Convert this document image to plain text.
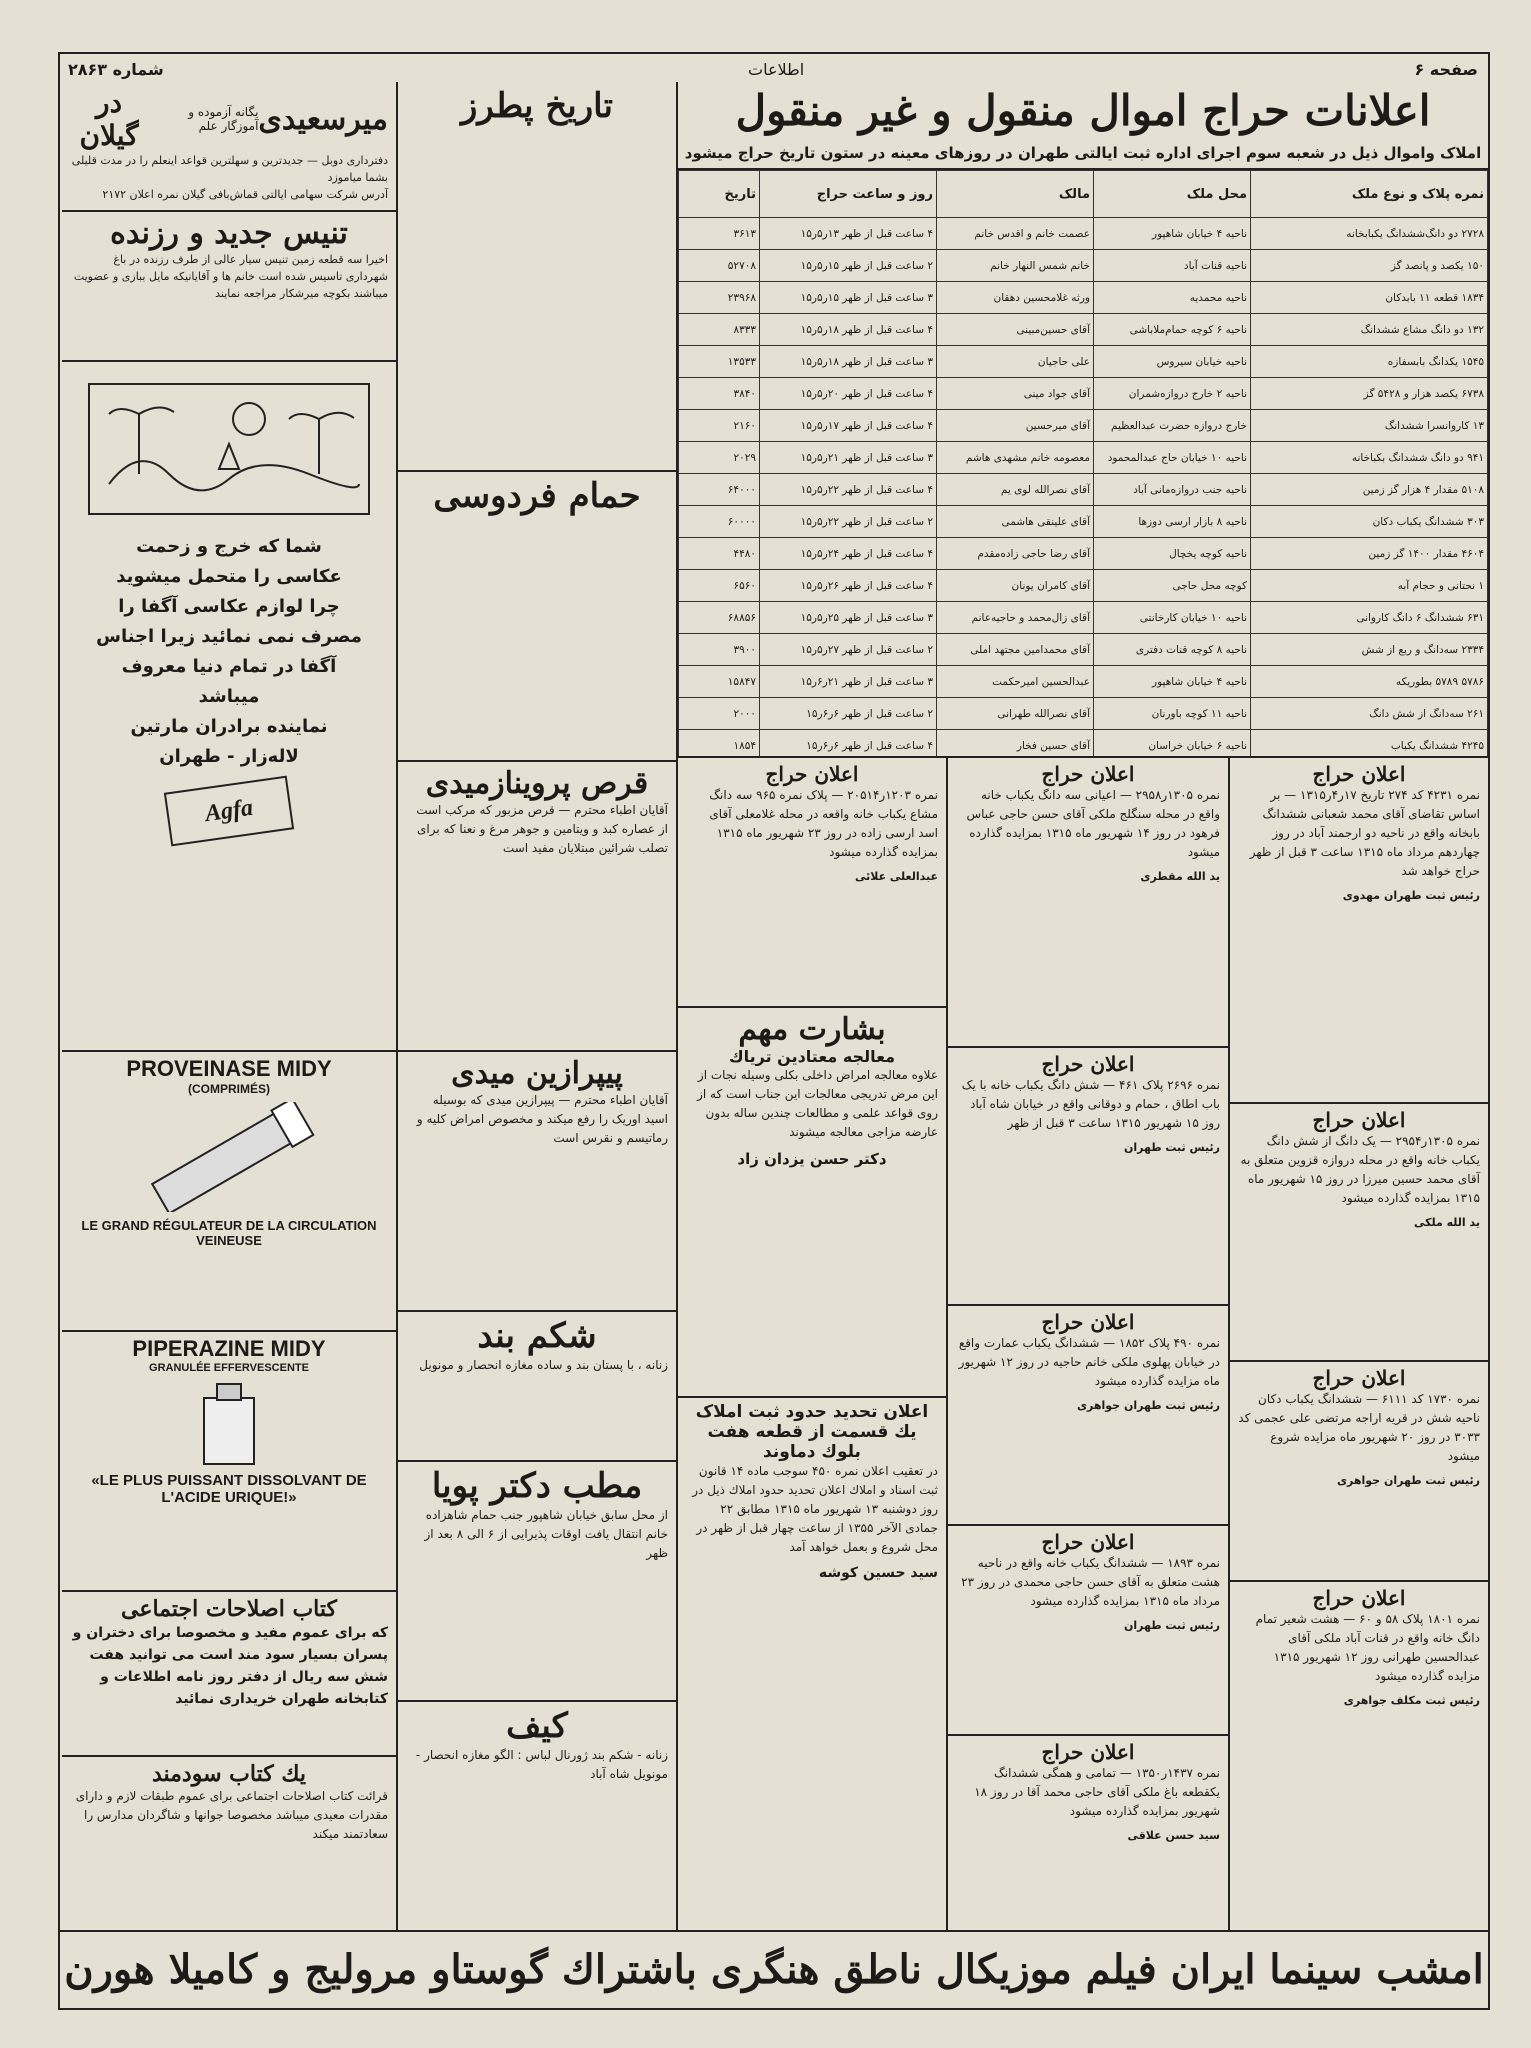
صفحه ۶
اطلاعات
شماره ۲۸۶۳
اعلانات حراج اموال منقول و غیر منقول
املاک واموال ذیل در شعبه سوم اجرای اداره ثبت ایالتی طهران در روزهای معینه در ستون تاریخ حراج میشود
نمره پلاک و نوع ملک	محل ملک	مالک	روز و ساعت حراج	تاریخ
۲۷۲۸ دو دانگ‌ششدانگ یکبابخانه	ناحیه ۴ خیابان شاهپور	عصمت خانم و اقدس خانم	۴ ساعت قبل از ظهر ۱۳ر۵ر۱۵	۳۶۱۳
۱۵۰ یکصد و پانصد گز	ناحیه قنات آباد	خانم شمس النهار خانم	۲ ساعت قبل از ظهر ۱۵ر۵ر۱۵	۵۲۷۰۸
۱۸۳۴ قطعه ۱۱ بابدکان	ناحیه محمدیه	ورثه غلامحسین دهقان	۳ ساعت قبل از ظهر ۱۵ر۵ر۱۵	۲۳۹۶۸
۱۳۲ دو دانگ مشاع ششدانگ	ناحیه ۶ کوچه حمام‌ملاباشی	آقای حسین‌مبینی	۴ ساعت قبل از ظهر ۱۸ر۵ر۱۵	۸۳۳۳
۱۵۴۵ یکدانگ بابسفازه	ناحیه خیابان سیروس	علی حاجیان	۳ ساعت قبل از ظهر ۱۸ر۵ر۱۵	۱۳۵۳۳
۶۷۳۸ یکصد هزار و ۵۴۲۸ گز	ناحیه ۲ خارج دروازه‌شمران	آقای جواد مینی	۴ ساعت قبل از ظهر ۲۰ر۵ر۱۵	۳۸۴۰
۱۳ کاروانسرا ششدانگ	خارج دروازه حضرت عبدالعظیم	آقای میرحسین	۴ ساعت قبل از ظهر ۱۷ر۵ر۱۵	۲۱۶۰
۹۴۱ دو دانگ ششدانگ بکباخانه	ناحیه ۱۰ خیابان حاج عبدالمحمود	معصومه خانم مشهدی هاشم	۳ ساعت قبل از ظهر ۲۱ر۵ر۱۵	۲۰۲۹
۵۱۰۸ مقدار ۴ هزار گز زمین	ناحیه جنب دروازه‌مانی آباد	آقای نصرالله لوی یم	۴ ساعت قبل از ظهر ۲۲ر۵ر۱۵	۶۴۰۰۰
۳۰۳ ششدانگ یکباب دکان	ناحیه ۸ بازار ارسی دوزها	آقای علینقی هاشمی	۲ ساعت قبل از ظهر ۲۲ر۵ر۱۵	۶۰۰۰۰
۴۶۰۴ مقدار ۱۴۰۰ گز زمین	ناحیه کوچه یخچال	آقای رضا حاجی زاده‌مقدم	۴ ساعت قبل از ظهر ۲۴ر۵ر۱۵	۴۴۸۰
۱ نحتانی و حجام آبه	کوچه محل حاجی	آقای کامران یونان	۴ ساعت قبل از ظهر ۲۶ر۵ر۱۵	۶۵۶۰
۶۳۱ ششدانگ ۶ دانگ کاروانی	ناحیه ۱۰ خیابان کارخانتی	آقای زال‌محمد و حاجیه‌عانم	۳ ساعت قبل از ظهر ۲۵ر۵ر۱۵	۶۸۸۵۶
۲۳۳۴ سه‌دانگ و ربع از شش	ناحیه ۸ کوچه قنات دفتری	آقای محمدامین مجتهد املی	۲ ساعت قبل از ظهر ۲۷ر۵ر۱۵	۳۹۰۰
۵۷۸۶ ۵۷۸۹ بطوریکه	ناحیه ۴ خیابان شاهپور	عبدالحسین امیرحکمت	۳ ساعت قبل از ظهر ۲۱ر۶ر۱۵	۱۵۸۴۷
۲۶۱ سه‌دانگ از شش دانگ	ناحیه ۱۱ کوچه باورنان	آقای نصرالله طهرانی	۲ ساعت قبل از ظهر ۶ر۶ر۱۵	۲۰۰۰
۴۲۴۵ ششدانگ یکباب	ناحیه ۶ خیابان خراسان	آقای حسین فخار	۴ ساعت قبل از ظهر ۶ر۶ر۱۵	۱۸۵۴
اعلان حراج
نمره ۴۲۳۱ کد ۲۷۴ تاریخ ۱۷ر۴ر۱۳۱۵ — بر اساس تقاضای آقای محمد شعبانی ششدانگ بابخانه واقع در ناحیه دو ارجمند آباد در روز چهاردهم مرداد ماه ۱۳۱۵ ساعت ۳ قبل از ظهر حراج خواهد شد
رئیس ثبت طهران مهدوی
اعلان حراج
نمره ۱۳۰۵ر۲۹۵۴ — یک دانگ از شش دانگ یکباب خانه واقع در محله دروازه قزوین متعلق به آقای محمد حسین میرزا در روز ۱۵ شهریور ماه ۱۳۱۵ بمزایده گذارده میشود
ید الله ملکی
اعلان حراج
نمره ۱۷۳۰ کد ۶۱۱۱ — ششدانگ یکباب دکان ناحیه شش در قریه اراجه مرتضی علی عجمی کد ۳۰۳۳ در روز ۲۰ شهریور ماه مزایده شروع میشود
رئیس ثبت طهران جواهری
اعلان حراج
نمره ۱۸۰۱ پلاک ۵۸ و ۶۰ — هشت شعیر تمام دانگ خانه واقع در قنات آباد ملکی آقای عبدالحسین طهرانی روز ۱۲ شهریور ۱۳۱۵ مزایده گذارده میشود
رئیس ثبت مکلف جواهری
اعلان حراج
نمره ۱۳۰۵ر۲۹۵۸ — اعیانی سه دانگ یکباب خانه واقع در محله سنگلج ملکی آقای حسن حاجی عباس فرهود در روز ۱۴ شهریور ماه ۱۳۱۵ بمزایده گذارده میشود
ید الله مقطری
اعلان حراج
نمره ۲۶۹۶ پلاک ۴۶۱ — شش دانگ یکباب خانه با یک باب اطاق ، حمام و دوقانی واقع در خیابان شاه آباد روز ۱۵ شهریور ۱۳۱۵ ساعت ۳ قبل از ظهر
رئیس ثبت طهران
اعلان حراج
نمره ۴۹۰ پلاک ۱۸۵۲ — ششدانگ یکباب عمارت واقع در خیابان پهلوی ملکی خانم حاجیه در روز ۱۲ شهریور ماه مزایده گذارده میشود
رئیس ثبت طهران جواهری
اعلان حراج
نمره ۱۸۹۳ — ششدانگ یکباب خانه واقع در ناحیه هشت متعلق به آقای حسن حاجی محمدی در روز ۲۳ مرداد ماه ۱۳۱۵ بمزایده گذارده میشود
رئیس ثبت طهران
اعلان حراج
نمره ۱۴۳۷ر۱۳۵۰ — تمامی و همگی ششدانگ یکقطعه باغ ملکی آقای حاجی محمد آقا در روز ۱۸ شهریور بمزایده گذارده میشود
سید حسن علاقی
اعلان حراج
نمره ۱۲۰۳ر۲۰۵۱۴ — پلاک نمره ۹۶۵ سه دانگ مشاع یکباب خانه واقعه در محله غلامعلی آقای اسد ارسی زاده در روز ۲۳ شهریور ماه ۱۳۱۵ بمزایده گذارده میشود
عبدالعلی علائی
بشارت مهم
معالجه معتادین تریاك
علاوه معالجه امراض داخلی بکلی وسیله نجات از این مرض تدریجی معالجات این جناب است که از روی قواعد علمی و مطالعات چندین ساله بدون عارضه مزاجی معالجه میشوند
دکتر حسن یزدان زاد
اعلان تحدید حدود ثبت املاک یك قسمت از قطعه هفت بلوك دماوند
در تعقیب اعلان نمره ۴۵۰ سوجب ماده ۱۴ قانون ثبت اسناد و املاك اعلان تحدید حدود املاك ذیل در روز دوشنبه ۱۳ شهریور ماه ۱۳۱۵ مطابق ۲۲ جمادی الآخر ۱۳۵۵ از ساعت چهار قبل از ظهر در محل شروع و بعمل خواهد آمد
سید حسین کوشه
تاریخ پطرز
حمام فردوسی
قرص پروینازمیدی
آقایان اطباء محترم — قرص مزبور که مرکب است از عصاره کبد و ویتامین و جوهر مرغ و نعنا که برای تصلب شرائین مبتلایان مفید است
پیپرازین میدی
آقایان اطباء محترم — پیپرازین میدی که بوسیله اسید اوریک را رفع میکند و مخصوص امراض کلیه و رماتیسم و نقرس است
شکم بند
زنانه ، با پستان بند و ساده مغازه انحصار و مونویل
مطب دکتر پویا
از محل سابق خیابان شاهپور جنب حمام شاهزاده خانم انتقال یافت اوقات پذیرایی از ۶ الی ۸ بعد از ظهر
کیف
زنانه - شکم بند ژورنال لباس : الگو مغازه انحصار - مونویل شاه آباد
میرسعیدی
یگانه آزموده و آموزگار علم
در گیلان
دفترداری دوبل — جدیدترین و سهلترین قواعد اینعلم را در مدت قلیلی بشما میاموزد
آدرس شرکت سهامی ایالتی قماش‌بافی گیلان نمره اعلان ۲۱۷۲
تنیس جدید و رزنده
اخیرا سه قطعه زمین تنیس سیار عالی از طرف رزنده در باغ شهرداری تاسیس شده است خانم ها و آقایانیکه مایل ببازی و عضویت میباشند بکوچه میرشکار مراجعه نمایند
شما که خرج و زحمت
عکاسی را متحمل میشوید
چرا لوازم عکاسی آگفا را
مصرف نمی نمائید زیرا اجناس
آگفا در تمام دنیا معروف
میباشد
نماینده برادران مارتین
لاله‌زار - طهران
Agfa
PROVEINASE MIDY
(COMPRIMÉS)
LE GRAND RÉGULATEUR DE LA CIRCULATION VEINEUSE
PIPERAZINE MIDY
GRANULÉE EFFERVESCENTE
«LE PLUS PUISSANT DISSOLVANT DE L'ACIDE URIQUE!»
کتاب اصلاحات اجتماعی
که برای عموم مفید و مخصوصا برای دختران و پسران بسیار سود مند است می توانید هفت شش سه ریال از دفتر روز نامه اطلاعات و کتابخانه طهران خریداری نمائید
یك کتاب سودمند
قرائت کتاب اصلاحات اجتماعی برای عموم طبقات لازم و دارای مقدرات معیدی میباشد مخصوصا جوانها و شاگردان مدارس را سعادتمند میکند
امشب سینما ایران فیلم موزیکال ناطق هنگری باشتراك گوستاو مرولیج و کامیلا هورن
